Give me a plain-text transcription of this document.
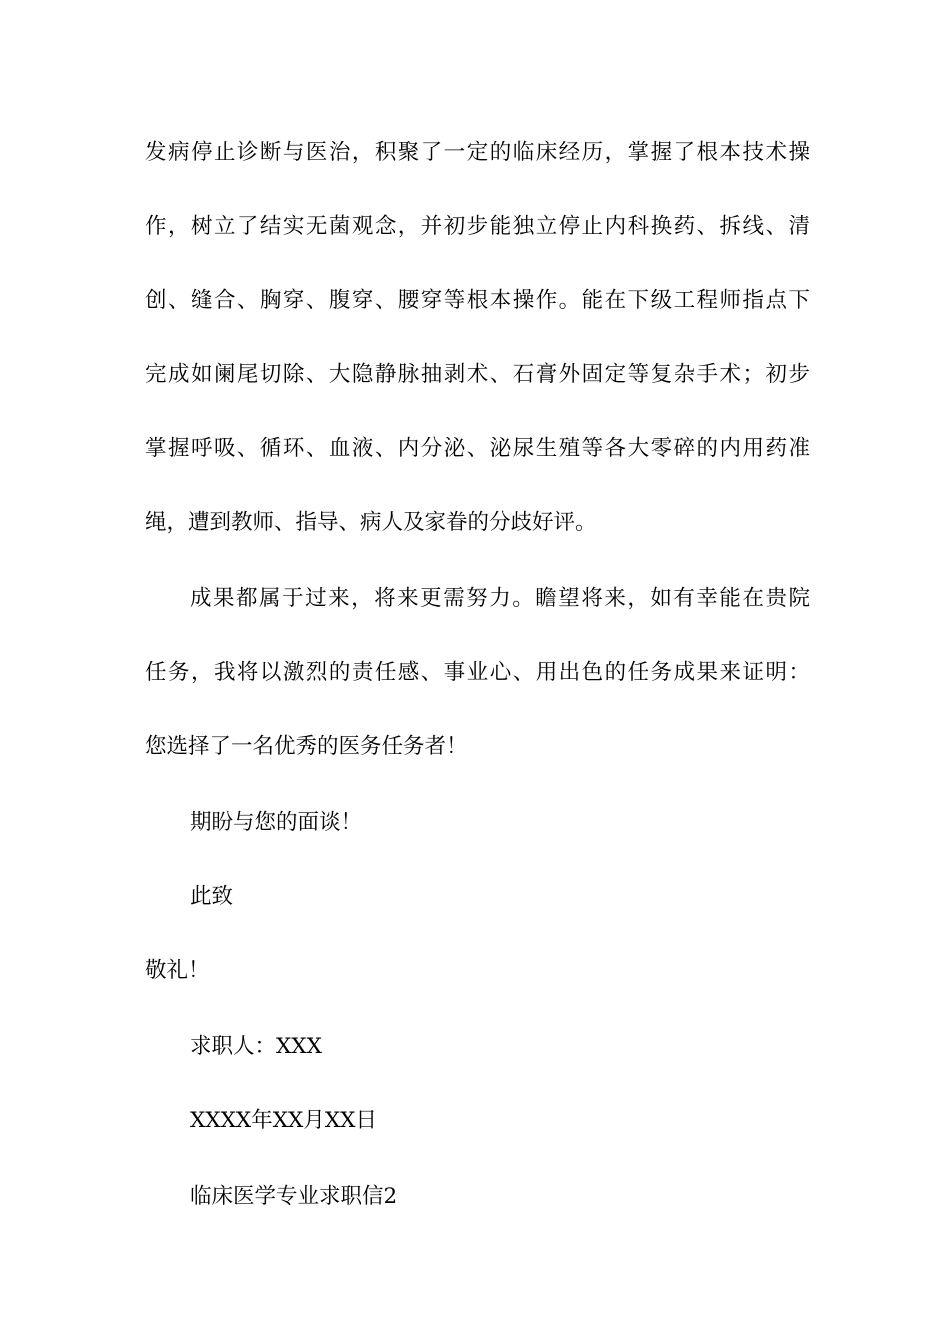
发病停止诊断与医治，积聚了一定的临床经历，掌握了根本技术操
作，树立了结实无菌观念，并初步能独立停止内科换药、拆线、清
创、缝合、胸穿、腹穿、腰穿等根本操作。能在下级工程师指点下
完成如阑尾切除、大隐静脉抽剥术、石膏外固定等复杂手术；初步
掌握呼吸、循环、血液、内分泌、泌尿生殖等各大零碎的内用药准
绳，遭到教师、指导、病人及家眷的分歧好评。
成果都属于过来，将来更需努力。瞻望将来，如有幸能在贵院
任务，我将以激烈的责任感、事业心、用出色的任务成果来证明：
您选择了一名优秀的医务任务者！
期盼与您的面谈！
此致
敬礼！
求职人：XXX
XXXX年XX月XX日
临床医学专业求职信2
